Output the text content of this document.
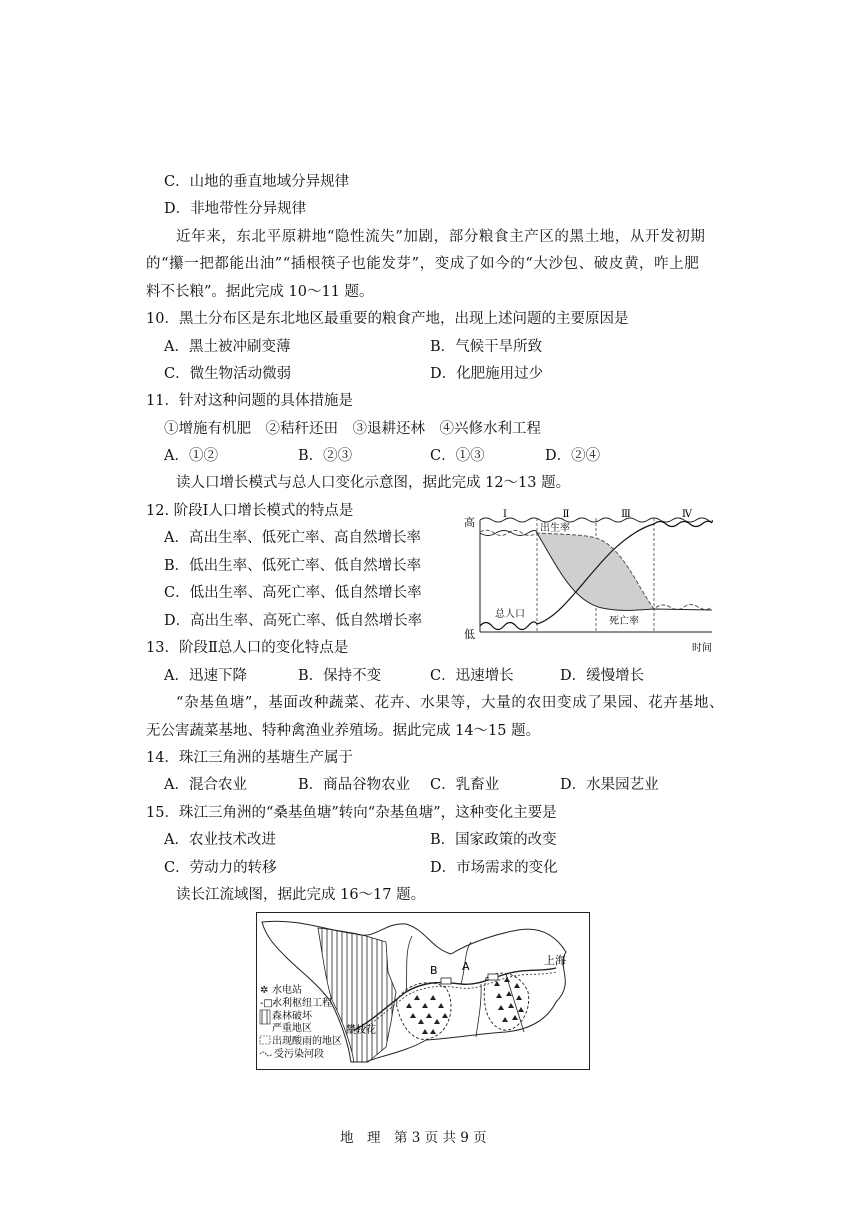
C．山地的垂直地域分异规律
D．非地带性分异规律
近年来，东北平原耕地“隐性流失”加剧，部分粮食主产区的黑土地，从开发初期
的“攥一把都能出油”“插根筷子也能发芽”，变成了如今的“大沙包、破皮黄，咋上肥
料不长粮”。据此完成 10～11 题。
10．黑土分布区是东北地区最重要的粮食产地，出现上述问题的主要原因是
A．黑土被冲刷变薄	B．气候干旱所致
C．微生物活动微弱	D．化肥施用过少
11．针对这种问题的具体措施是
①增施有机肥　②秸秆还田　③退耕还林　④兴修水利工程
A．①②	B．②③	C．①③	D．②④
读人口增长模式与总人口变化示意图，据此完成 12～13 题。
12. 阶段Ⅰ人口增长模式的特点是
A．高出生率、低死亡率、高自然增长率
B．低出生率、低死亡率、低自然增长率
C．低出生率、高死亡率、低自然增长率
D．高出生率、高死亡率、低自然增长率
高
低
Ⅰ	Ⅱ	Ⅲ	Ⅳ
出生率
死亡率
总人口
时间
13．阶段Ⅱ总人口的变化特点是
A．迅速下降	B．保持不变	C．迅速增长	D．缓慢增长
“杂基鱼塘”，基面改种蔬菜、花卉、水果等，大量的农田变成了果园、花卉基地、
无公害蔬菜基地、特种禽渔业养殖场。据此完成 14～15 题。
14．珠江三角洲的基塘生产属于
A．混合农业	B．商品谷物农业 C．乳畜业	D．水果园艺业
15．珠江三角洲的“桑基鱼塘”转向“杂基鱼塘”，这种变化主要是
A．农业技术改进	B．国家政策的改变
C．劳动力的转移	D．市场需求的变化
读长江流域图，据此完成 16～17 题。
B A	上海
攀枝花
✲ 水电站
-□-
水利枢纽工程
森林破坏
严重地区
出现酸雨的地区
受污染河段
地　理　第 3 页 共 9 页
